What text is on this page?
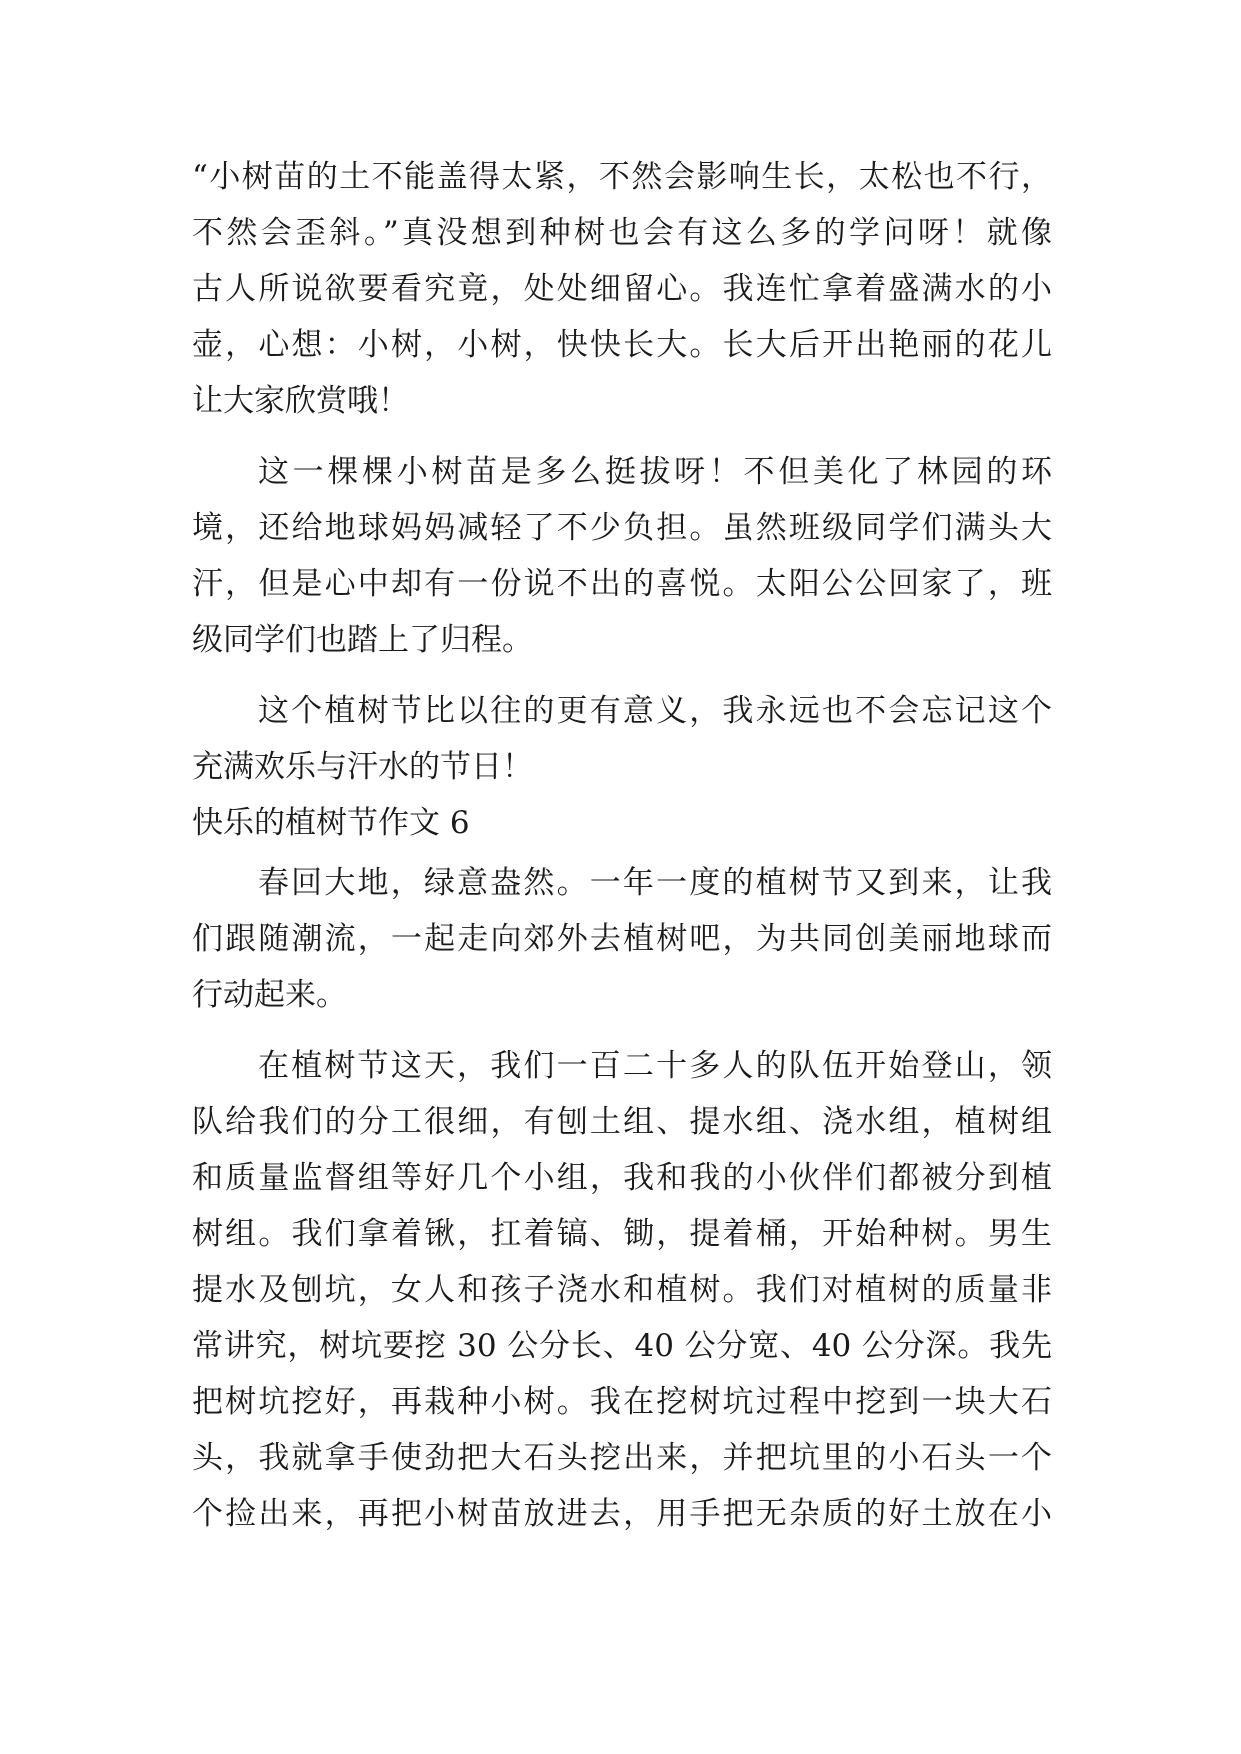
“小树苗的土不能盖得太紧，不然会影响生长，太松也不行，
不然会歪斜。”真没想到种树也会有这么多的学问呀！就像
古人所说欲要看究竟，处处细留心。我连忙拿着盛满水的小
壶，心想：小树，小树，快快长大。长大后开出艳丽的花儿
让大家欣赏哦！
这一棵棵小树苗是多么挺拔呀！不但美化了林园的环
境，还给地球妈妈减轻了不少负担。虽然班级同学们满头大
汗，但是心中却有一份说不出的喜悦。太阳公公回家了，班
级同学们也踏上了归程。
这个植树节比以往的更有意义，我永远也不会忘记这个
充满欢乐与汗水的节日！
快乐的植树节作文 6
春回大地，绿意盎然。一年一度的植树节又到来，让我
们跟随潮流，一起走向郊外去植树吧，为共同创美丽地球而
行动起来。
在植树节这天，我们一百二十多人的队伍开始登山，领
队给我们的分工很细，有刨土组、提水组、浇水组，植树组
和质量监督组等好几个小组，我和我的小伙伴们都被分到植
树组。我们拿着锹，扛着镐、锄，提着桶，开始种树。男生
提水及刨坑，女人和孩子浇水和植树。我们对植树的质量非
常讲究，树坑要挖 30 公分长、40 公分宽、40 公分深。我先
把树坑挖好，再栽种小树。我在挖树坑过程中挖到一块大石
头，我就拿手使劲把大石头挖出来，并把坑里的小石头一个
个捡出来，再把小树苗放进去，用手把无杂质的好土放在小
